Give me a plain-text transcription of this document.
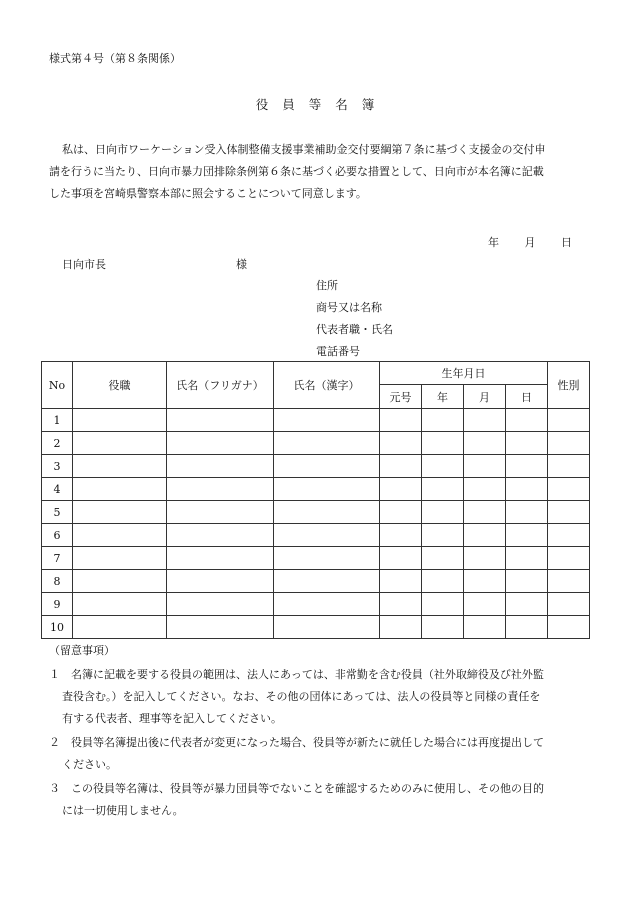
様式第４号（第８条関係）
役員等名簿
私は、日向市ワーケーション受入体制整備支援事業補助金交付要綱第７条に基づく支援金の交付申
請を行うに当たり、日向市暴力団排除条例第６条に基づく必要な措置として、日向市が本名簿に記載
した事項を宮崎県警察本部に照会することについて同意します。
年 月 日
日向市長	様
住所
商号又は名称
代表者職・氏名
電話番号
No	役職	氏名（フリガナ）	氏名（漢字）	生年月日				性別
				元号	年	月	日	
1								
2								
3								
4								
5								
6								
7								
8								
9								
10								
（留意事項）
１　名簿に記載を要する役員の範囲は、法人にあっては、非常勤を含む役員（社外取締役及び社外監
査役含む。）を記入してください。なお、その他の団体にあっては、法人の役員等と同様の責任を
有する代表者、理事等を記入してください。
２　役員等名簿提出後に代表者が変更になった場合、役員等が新たに就任した場合には再度提出して
ください。
３　この役員等名簿は、役員等が暴力団員等でないことを確認するためのみに使用し、その他の目的
には一切使用しません。
